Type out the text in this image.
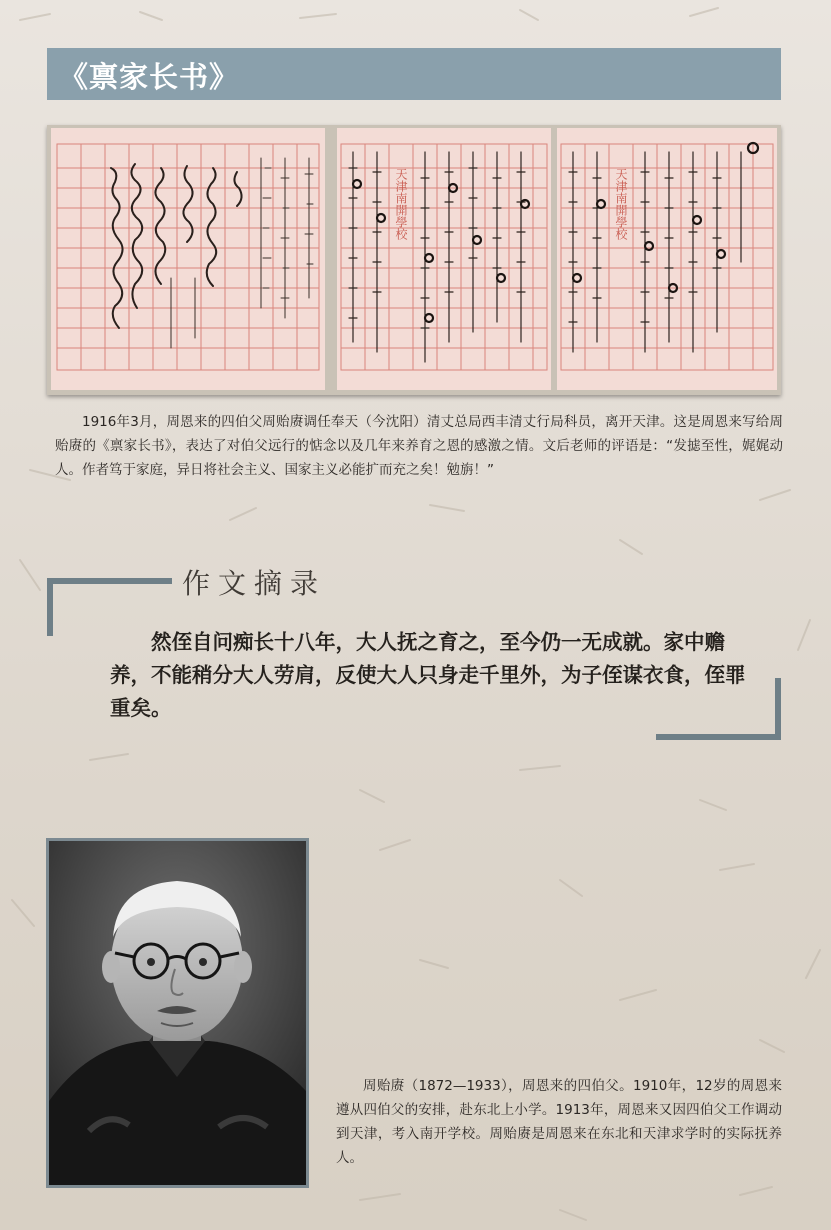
《禀家长书》
天津南開學校	天津南開學校
1916年3月，周恩来的四伯父周贻赓调任奉天（今沈阳）清丈总局西丰清丈行局科员，离开天津。这是周恩来写给周贻赓的《禀家长书》，表达了对伯父远行的惦念以及几年来养育之恩的感激之情。文后老师的评语是：“发摅至性，娓娓动人。作者笃于家庭，异日将社会主义、国家主义必能扩而充之矣！勉旃！”
作文摘录
然侄自问痴长十八年，大人抚之育之，至今仍一无成就。家中赡养，不能稍分大人劳肩，反使大人只身走千里外，为子侄谋衣食，侄罪重矣。
周贻赓（1872—1933），周恩来的四伯父。1910年，12岁的周恩来遵从四伯父的安排，赴东北上小学。1913年，周恩来又因四伯父工作调动到天津，考入南开学校。周贻赓是周恩来在东北和天津求学时的实际抚养人。
